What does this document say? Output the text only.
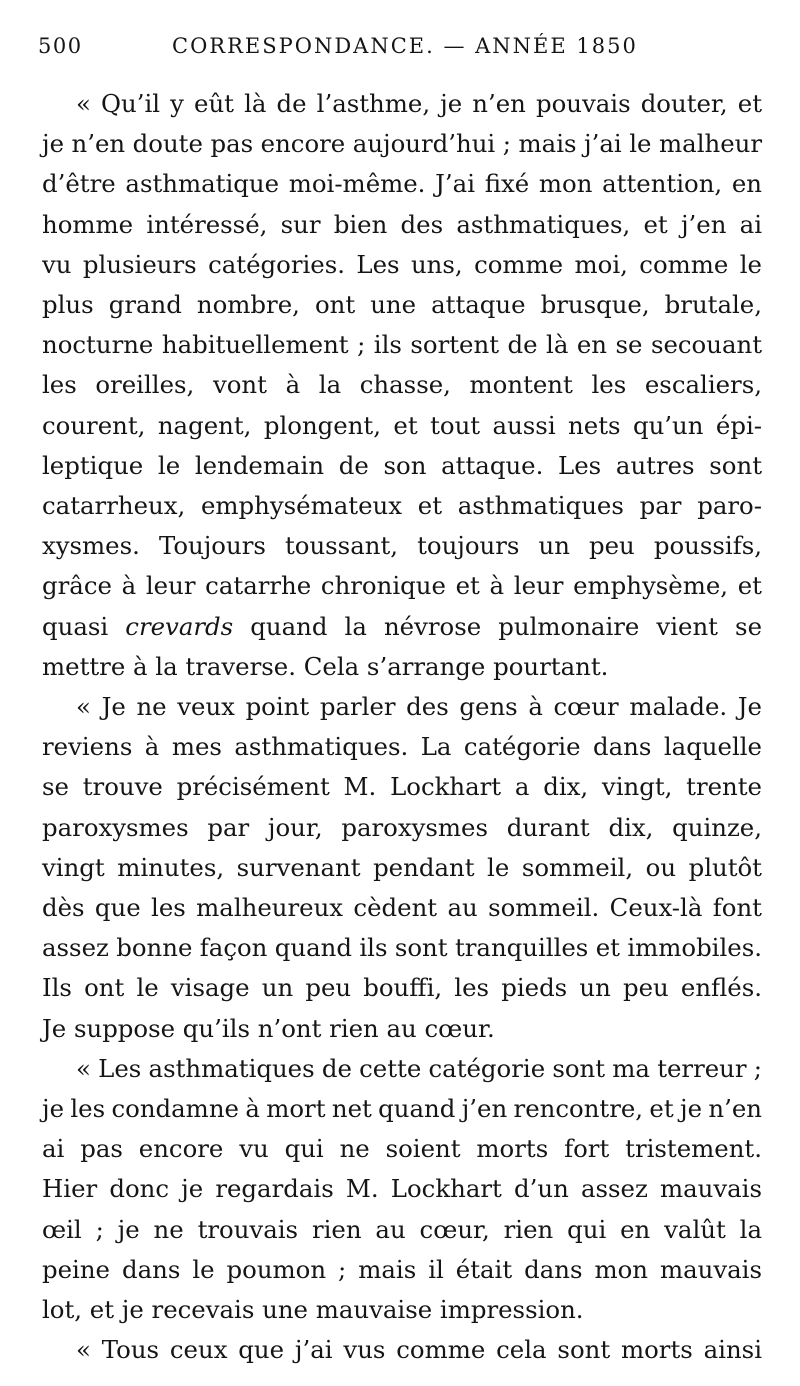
500	CORRESPONDANCE. — ANNÉE 1850

« Qu’il y eût là de l’asthme, je n’en pouvais douter, et
je n’en doute pas encore aujourd’hui ; mais j’ai le malheur
d’être asthmatique moi-même. J’ai fixé mon attention, en
homme intéressé, sur bien des asthmatiques, et j’en ai
vu plusieurs catégories. Les uns, comme moi, comme le
plus grand nombre, ont une attaque brusque, brutale,
nocturne habituellement ; ils sortent de là en se secouant
les oreilles, vont à la chasse, montent les escaliers,
courent, nagent, plongent, et tout aussi nets qu’un épi-
leptique le lendemain de son attaque. Les autres sont
catarrheux, emphysémateux et asthmatiques par paro-
xysmes. Toujours toussant, toujours un peu poussifs,
grâce à leur catarrhe chronique et à leur emphysème, et
quasi crevards quand la névrose pulmonaire vient se
mettre à la traverse. Cela s’arrange pourtant.

« Je ne veux point parler des gens à cœur malade. Je
reviens à mes asthmatiques. La catégorie dans laquelle
se trouve précisément M. Lockhart a dix, vingt, trente
paroxysmes par jour, paroxysmes durant dix, quinze,
vingt minutes, survenant pendant le sommeil, ou plutôt
dès que les malheureux cèdent au sommeil. Ceux-là font
assez bonne façon quand ils sont tranquilles et immobiles.
Ils ont le visage un peu bouffi, les pieds un peu enflés.
Je suppose qu’ils n’ont rien au cœur.

« Les asthmatiques de cette catégorie sont ma terreur ;
je les condamne à mort net quand j’en rencontre, et je n’en
ai pas encore vu qui ne soient morts fort tristement.
Hier donc je regardais M. Lockhart d’un assez mauvais
œil ; je ne trouvais rien au cœur, rien qui en valût la
peine dans le poumon ; mais il était dans mon mauvais
lot, et je recevais une mauvaise impression.

« Tous ceux que j’ai vus comme cela sont morts ainsi
